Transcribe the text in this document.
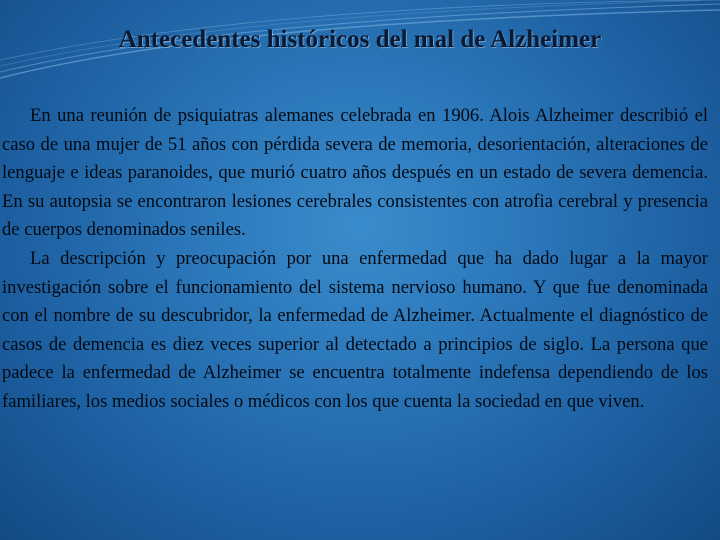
Antecedentes históricos del mal de Alzheimer

En una reunión de psiquiatras alemanes celebrada en 1906. Alois Alzheimer describió el caso de una mujer de 51 años con pérdida severa de memoria, desorientación, alteraciones de lenguaje e ideas paranoides, que murió cuatro años después en un estado de severa demencia. En su autopsia se encontraron lesiones cerebrales consistentes con atrofia cerebral y presencia de cuerpos denominados seniles.

La descripción y preocupación por una enfermedad que ha dado lugar a la mayor investigación sobre el funcionamiento del sistema nervioso humano. Y que fue denominada con el nombre de su descubridor, la enfermedad de Alzheimer. Actualmente el diagnóstico de casos de demencia es diez veces superior al detectado a principios de siglo. La persona que padece la enfermedad de Alzheimer se encuentra totalmente indefensa dependiendo de los familiares, los medios sociales o médicos con los que cuenta la sociedad en que viven.
